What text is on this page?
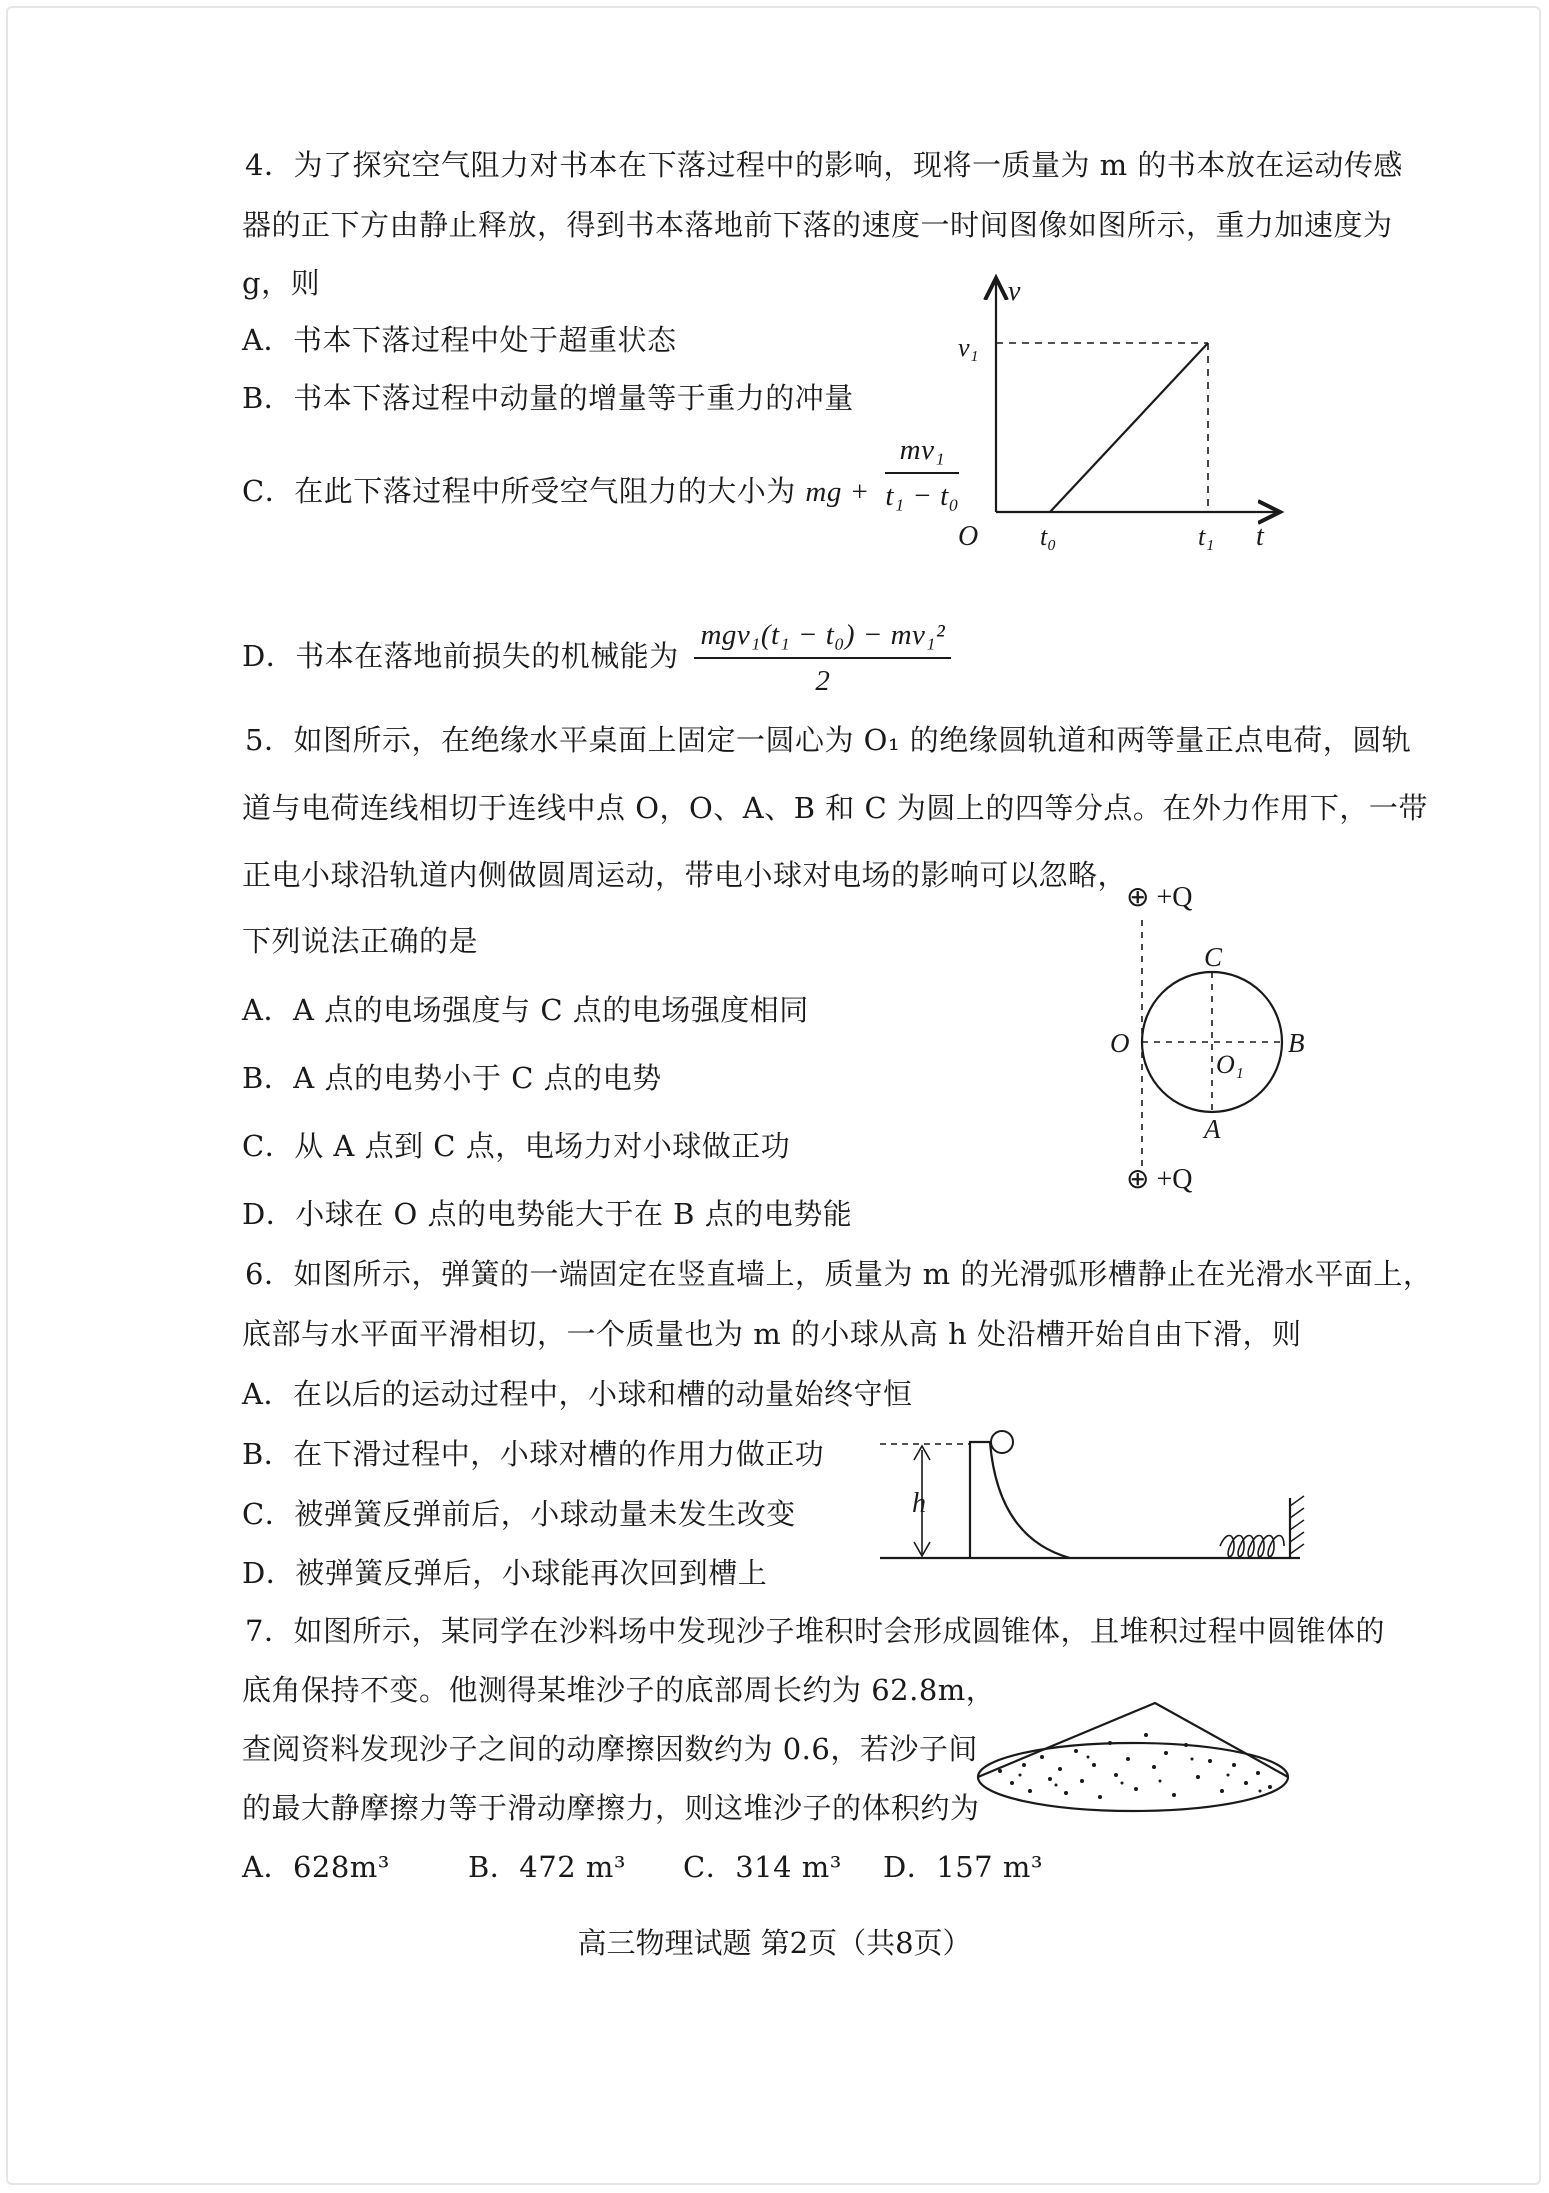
4．为了探究空气阻力对书本在下落过程中的影响，现将一质量为 m 的书本放在运动传感
器的正下方由静止释放，得到书本落地前下落的速度一时间图像如图所示，重力加速度为
g，则
A．书本下落过程中处于超重状态
B．书本下落过程中动量的增量等于重力的冲量
C．在此下落过程中所受空气阻力的大小为 mg + $\frac{\text{mv₁}}{\text{t₁ − t₀}}$
D．书本在落地前损失的机械能为 $\frac{\text{mgv₁(t₁ − t₀) − mv₁²}}{2}$
v
v₁
O t₀	t₁ t
5．如图所示，在绝缘水平桌面上固定一圆心为 O₁ 的绝缘圆轨道和两等量正点电荷，圆轨
道与电荷连线相切于连线中点 O，O、A、B 和 C 为圆上的四等分点。在外力作用下，一带
正电小球沿轨道内侧做圆周运动，带电小球对电场的影响可以忽略，
下列说法正确的是
A．A 点的电场强度与 C 点的电场强度相同
B．A 点的电势小于 C 点的电势
C．从 A 点到 C 点，电场力对小球做正功
D．小球在 O 点的电势能大于在 B 点的电势能
⊕ +Q
C
O	B
O₁
A
⊕ +Q
6．如图所示，弹簧的一端固定在竖直墙上，质量为 m 的光滑弧形槽静止在光滑水平面上，
底部与水平面平滑相切，一个质量也为 m 的小球从高 h 处沿槽开始自由下滑，则
A．在以后的运动过程中，小球和槽的动量始终守恒
B．在下滑过程中，小球对槽的作用力做正功
C．被弹簧反弹前后，小球动量未发生改变
D．被弹簧反弹后，小球能再次回到槽上
h
7．如图所示，某同学在沙料场中发现沙子堆积时会形成圆锥体，且堆积过程中圆锥体的
底角保持不变。他测得某堆沙子的底部周长约为 62.8m，
查阅资料发现沙子之间的动摩擦因数约为 0.6，若沙子间
的最大静摩擦力等于滑动摩擦力，则这堆沙子的体积约为
A．628m³	B．472 m³ C．314 m³ D．157 m³
高三物理试题 第2页（共8页）
